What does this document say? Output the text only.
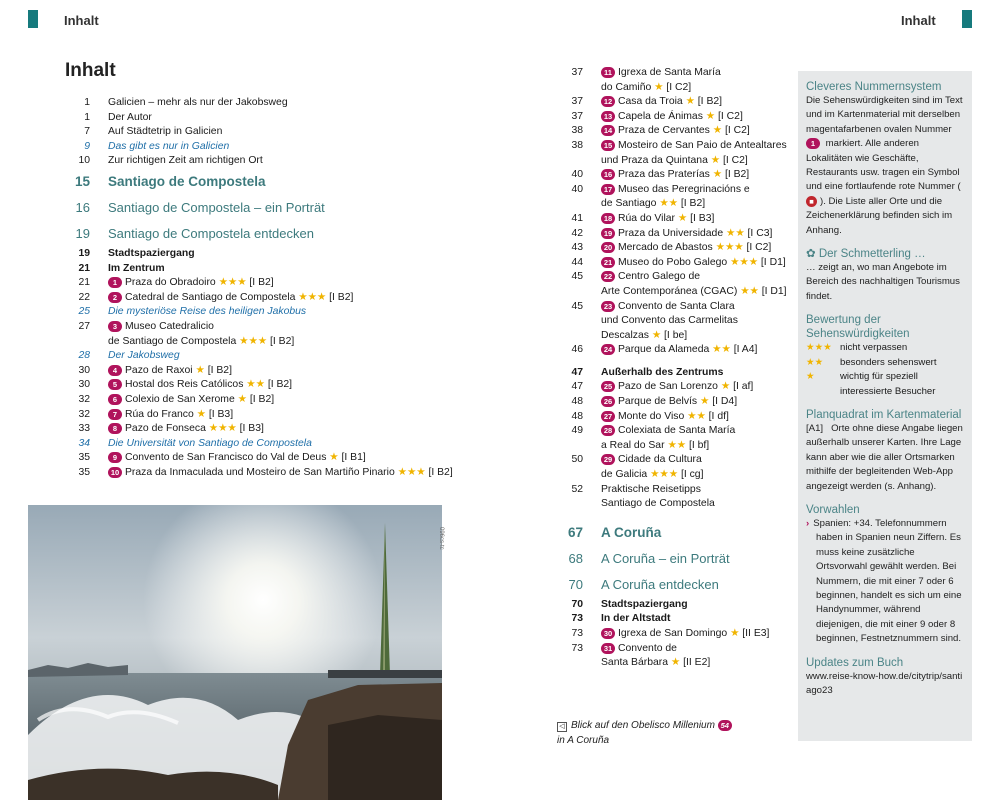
2 Inhalt	Inhalt 3
Inhalt
1 Galicien – mehr als nur der Jakobsweg
1 Der Autor
7 Auf Städtetrip in Galicien
9 Das gibt es nur in Galicien
10 Zur richtigen Zeit am richtigen Ort
15 Santiago de Compostela
16 Santiago de Compostela – ein Porträt
19 Santiago de Compostela entdecken
19 Stadtspaziergang
21 Im Zentrum
21	1 Praza do Obradoiro ★★★ [I B2]
22	2 Catedral de Santiago de Compostela ★★★ [I B2]
25 Die mysteriöse Reise des heiligen Jakobus
27	3 Museo Catedralicio
de Santiago de Compostela ★★★ [I B2]
28 Der Jakobsweg
30	4 Pazo de Raxoi ★ [I B2]
30	5 Hostal dos Reis Católicos ★★ [I B2]
32	6 Colexio de San Xerome ★ [I B2]
32	7 Rúa do Franco ★ [I B3]
33	8 Pazo de Fonseca ★★★ [I B3]
34 Die Universität von Santiago de Compostela
35	9 Convento de San Francisco do Val de Deus ★ [I B1]
35	10 Praza da Inmaculada und Mosteiro de San Martiño Pinario ★★★ [I B2]
37	11 Igrexa de Santa María
do Camiño ★ [I C2]
37	12 Casa da Troia ★ [I B2]
37	13 Capela de Ánimas ★ [I C2]
38	14 Praza de Cervantes ★ [I C2]
38	15 Mosteiro de San Paio de Antealtares
und Praza da Quintana ★ [I C2]
40	16 Praza das Praterías ★ [I B2]
40	17 Museo das Peregrinacións e
de Santiago ★★ [I B2]
41	18 Rúa do Vilar ★ [I B3]
42	19 Praza da Universidade ★★ [I C3]
43	20 Mercado de Abastos ★★★ [I C2]
44	21 Museo do Pobo Galego ★★★ [I D1]
45	22 Centro Galego de
Arte Contemporánea (CGAC) ★★ [I D1]
45	23 Convento de Santa Clara
und Convento das Carmelitas
Descalzas ★ [I be]
46	24 Parque da Alameda ★★ [I A4]
47 Außerhalb des Zentrums
47	25 Pazo de San Lorenzo ★ [I af]
48	26 Parque de Belvís ★ [I D4]
48	27 Monte do Viso ★★ [I df]
49	28 Colexiata de Santa María
a Real do Sar ★★ [I bf]
50	29 Cidade da Cultura
de Galicia ★★★ [I cg]
52 Praktische Reisetipps
Santiago de Compostela
67 A Coruña
68 A Coruña – ein Porträt
70 A Coruña entdecken
70 Stadtspaziergang
73 In der Altstadt
73	30 Igrexa de San Domingo ★ [II E3]
73	31 Convento de
Santa Bárbara ★ [II E2]
096cs-tc
◁ Blick auf den Obelisco Millenium 54
in A Coruña
Cleveres Nummernsystem

Die Sehenswürdigkeiten sind im Text und im Kartenmaterial mit derselben magentafarbenen ovalen Nummer 1 markiert. Alle anderen Lokalitäten wie Geschäfte, Restaurants usw. tragen ein Symbol und eine fortlaufende rote Nummer (■ ). Die Liste aller Orte und die Zeichenerklärung befinden sich im Anhang.

✿ Der Schmetterling …

… zeigt an, wo man Angebote im Bereich des nachhaltigen Tourismus findet.

Bewertung der Sehenswürdigkeiten
★★★ nicht verpassen
★★ besonders sehenswert
★	wichtig für speziell interessierte Besucher
Planquadrat im Kartenmaterial

[A1] Orte ohne diese Angabe liegen außerhalb unserer Karten. Ihre Lage kann aber wie die aller Ortsmarken mithilfe der begleitenden Web-App angezeigt werden (s. Anhang).

Vorwahlen

› Spanien: +34. Telefonnummern haben in Spanien neun Ziffern. Es muss keine zusätzliche Ortsvorwahl gewählt werden. Bei Nummern, die mit einer 7 oder 6 beginnen, handelt es sich um eine Handynummer, während diejenigen, die mit einer 9 oder 8 beginnen, Festnetznummern sind.

Updates zum Buch

www.reise-know-how.de/citytrip/santiago23
